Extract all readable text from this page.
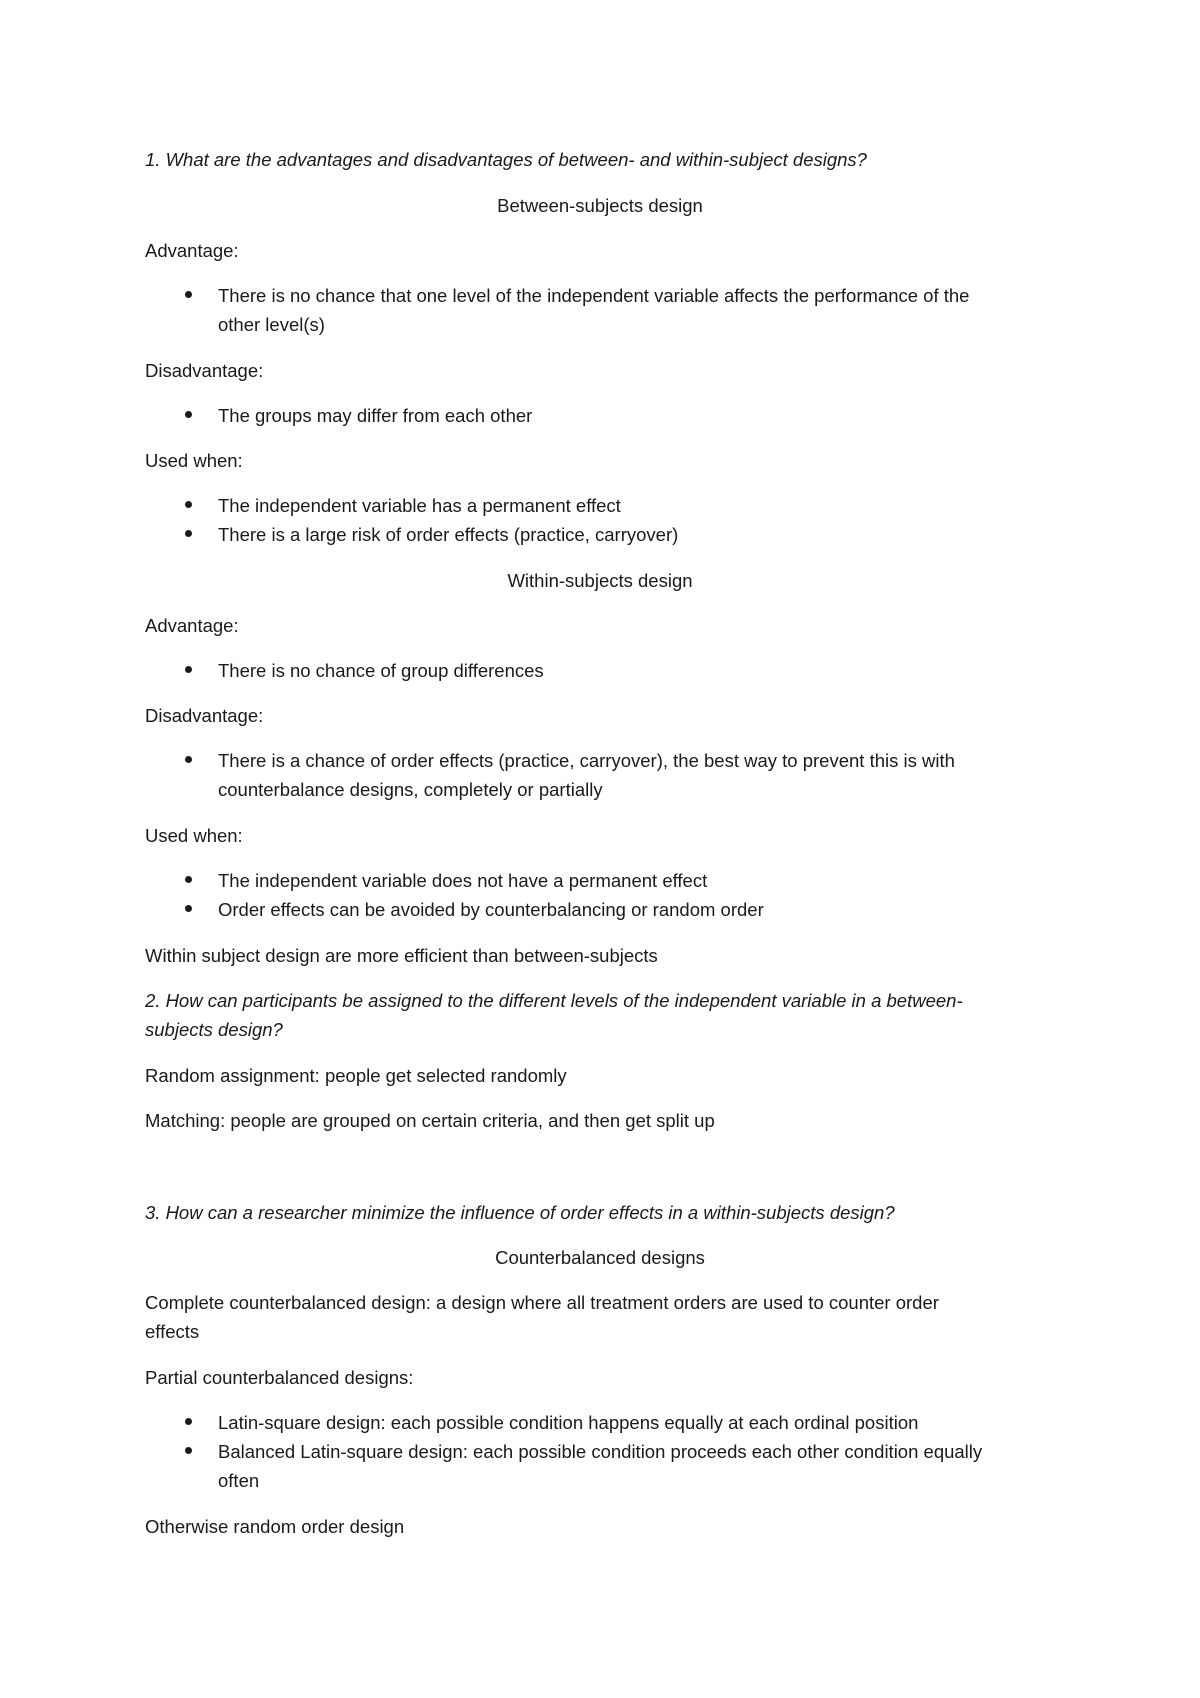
1. What are the advantages and disadvantages of between- and within-subject designs?

Between-subjects design

Advantage:

There is no chance that one level of the independent variable affects the performance of the

other level(s)

Disadvantage:

The groups may differ from each other

Used when:

The independent variable has a permanent effect

There is a large risk of order effects (practice, carryover)

Within-subjects design

Advantage:

There is no chance of group differences

Disadvantage:

There is a chance of order effects (practice, carryover), the best way to prevent this is with

counterbalance designs, completely or partially

Used when:

The independent variable does not have a permanent effect

Order effects can be avoided by counterbalancing or random order

Within subject design are more efficient than between-subjects

2. How can participants be assigned to the different levels of the independent variable in a between-

subjects design?

Random assignment: people get selected randomly

Matching: people are grouped on certain criteria, and then get split up

3. How can a researcher minimize the influence of order effects in a within-subjects design?

Counterbalanced designs

Complete counterbalanced design: a design where all treatment orders are used to counter order

effects

Partial counterbalanced designs:

Latin-square design: each possible condition happens equally at each ordinal position

Balanced Latin-square design: each possible condition proceeds each other condition equally

often

Otherwise random order design
